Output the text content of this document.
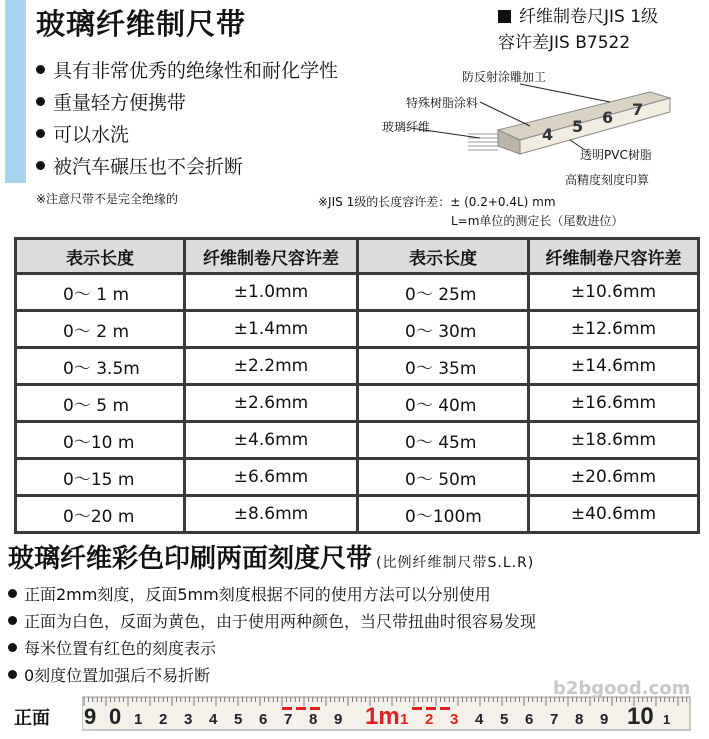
玻璃纤维制尺带	纤维制卷尺JIS 1级
容许差JIS B7522
具有非常优秀的绝缘性和耐化学性
重量轻方便携带
可以水洗
被汽车碾压也不会折断
※注意尺带不是完全绝缘的
4 5 6 7
防反射涂雕加工
特殊树脂涂料
玻璃纤维
透明PVC树脂
高精度刻度印算
※JIS 1级的长度容许差：± (0.2+0.4L) mm
L=m单位的测定长（尾数进位）
表示长度	纤维制卷尺容许差	表示长度	纤维制卷尺容许差
0～ 1 m	±1.0mm	0～ 25m	±10.6mm
0～ 2 m	±1.4mm	0～ 30m	±12.6mm
0～ 3.5m	±2.2mm	0～ 35m	±14.6mm
0～ 5 m	±2.6mm	0～ 40m	±16.6mm
0～10 m	±4.6mm	0～ 45m	±18.6mm
0～15 m	±6.6mm	0～ 50m	±20.6mm
0～20 m	±8.6mm	0～100m	±40.6mm
玻璃纤维彩色印刷两面刻度尺带 (比例纤维制尺带S.L.R)
正面2mm刻度，反面5mm刻度根据不同的使用方法可以分别使用
正面为白色，反面为黄色，由于使用两种颜色，当尺带扭曲时很容易发现
每米位置有红色的刻度表示
0刻度位置加强后不易折断
正面 9 0 1 2 3 4 5 6 7 8 9 1m 1 2 3 4 5 6 7 8 9 10 1
b2bgood.com
